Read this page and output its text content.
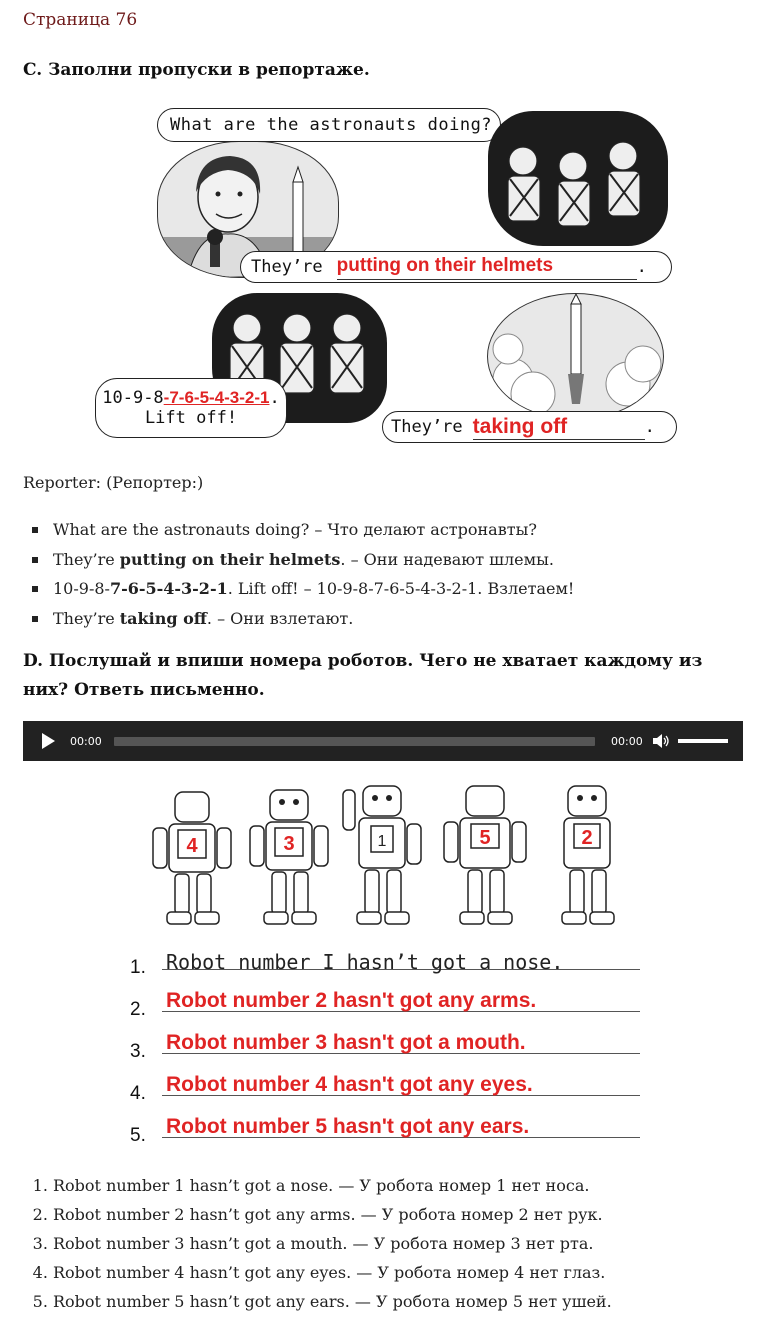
Страница 76
C. Заполни пропуски в репортаже.
What are the astronauts doing?
They’re putting on their helmets	.
10-9-8-7-6-5-4-3-2-1.
Lift off!	They’re taking off	.
Reporter: (Репортер:)
What are the astronauts doing? – Что делают астронавты?
They’re putting on their helmets. – Они надевают шлемы.
10-9-8-7-6-5-4-3-2-1. Lift off! – 10-9-8-7-6-5-4-3-2-1. Взлетаем!
They’re taking off. – Они взлетают.
D. Послушай и впиши номера роботов. Чего не хватает каждому из них? Ответь письменно.
00:00	00:00
4	3	1	5	2
1. Robot number I hasn’t got a nose.
2. Robot number 2 hasn't got any arms.
3. Robot number 3 hasn't got a mouth.
4. Robot number 4 hasn't got any eyes.
5. Robot number 5 hasn't got any ears.
1. Robot number 1 hasn’t got a nose. — У робота номер 1 нет носа.
2. Robot number 2 hasn’t got any arms. — У робота номер 2 нет рук.
3. Robot number 3 hasn’t got a mouth. — У робота номер 3 нет рта.
4. Robot number 4 hasn’t got any eyes. — У робота номер 4 нет глаз.
5. Robot number 5 hasn’t got any ears. — У робота номер 5 нет ушей.
